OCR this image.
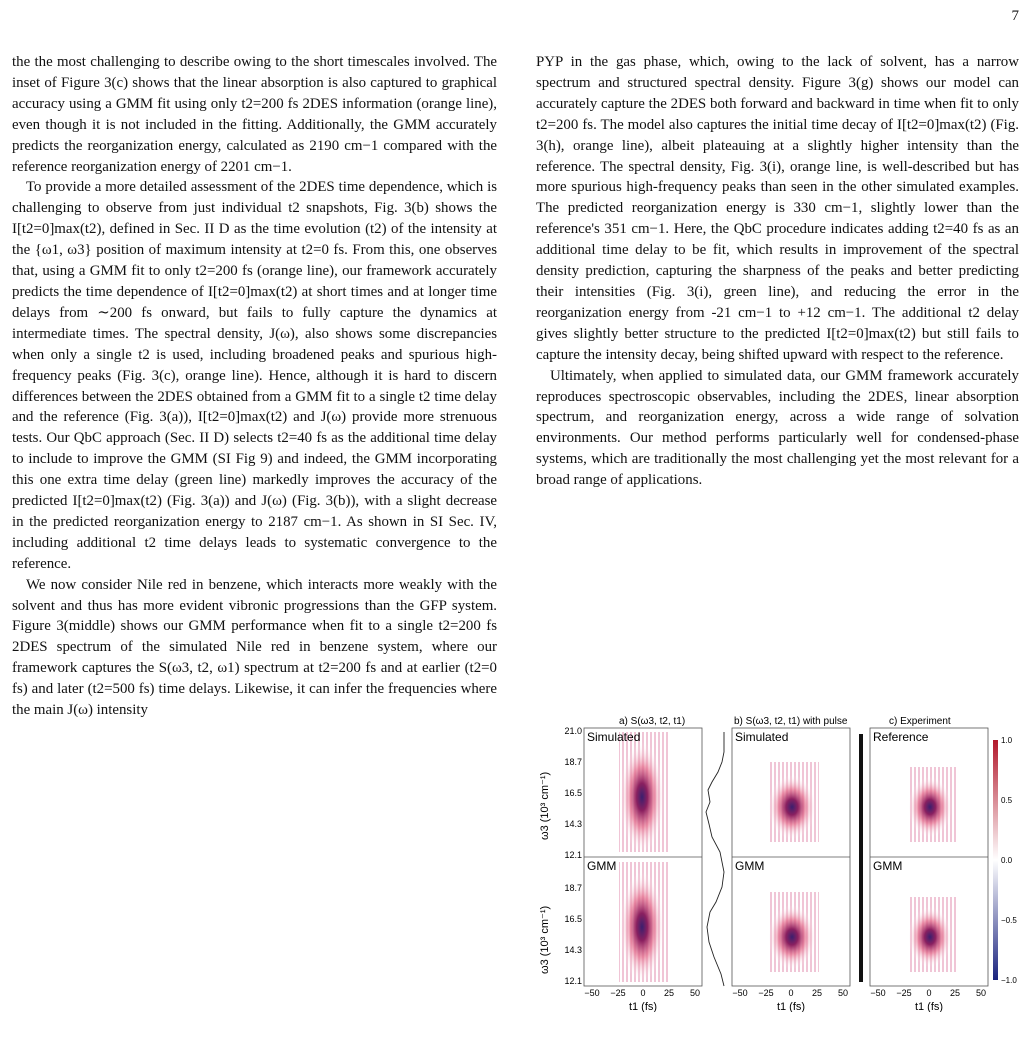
7

the the most challenging to describe owing to the short timescales involved. The inset of Figure 3(c) shows that the linear absorption is also captured to graphical accuracy using a GMM fit using only t2=200 fs 2DES information (orange line), even though it is not included in the fitting. Additionally, the GMM accurately predicts the reorganization energy, calculated as 2190 cm−1 compared with the reference reorganization energy of 2201 cm−1.

To provide a more detailed assessment of the 2DES time dependence, which is challenging to observe from just individual t2 snapshots, Fig. 3(b) shows the I[t2=0]max(t2), defined in Sec. II D as the time evolution (t2) of the intensity at the {ω1, ω3} position of maximum intensity at t2=0 fs. From this, one observes that, using a GMM fit to only t2=200 fs (orange line), our framework accurately predicts the time dependence of I[t2=0]max(t2) at short times and at longer time delays from ∼200 fs onward, but fails to fully capture the dynamics at intermediate times. The spectral density, J(ω), also shows some discrepancies when only a single t2 is used, including broadened peaks and spurious high-frequency peaks (Fig. 3(c), orange line). Hence, although it is hard to discern differences between the 2DES obtained from a GMM fit to a single t2 time delay and the reference (Fig. 3(a)), I[t2=0]max(t2) and J(ω) provide more strenuous tests. Our QbC approach (Sec. II D) selects t2=40 fs as the additional time delay to include to improve the GMM (SI Fig 9) and indeed, the GMM incorporating this one extra time delay (green line) markedly improves the accuracy of the predicted I[t2=0]max(t2) (Fig. 3(a)) and J(ω) (Fig. 3(b)), with a slight decrease in the predicted reorganization energy to 2187 cm−1. As shown in SI Sec. IV, including additional t2 time delays leads to systematic convergence to the reference.

We now consider Nile red in benzene, which interacts more weakly with the solvent and thus has more evident vibronic progressions than the GFP system. Figure 3(middle) shows our GMM performance when fit to a single t2=200 fs 2DES spectrum of the simulated Nile red in benzene system, where our framework captures the S(ω3, t2, ω1) spectrum at t2=200 fs and at earlier (t2=0 fs) and later (t2=500 fs) time delays. Likewise, it can infer the frequencies where the main J(ω) intensity

PYP in the gas phase, which, owing to the lack of solvent, has a narrow spectrum and structured spectral density. Figure 3(g) shows our model can accurately capture the 2DES both forward and backward in time when fit to only t2=200 fs. The model also captures the initial time decay of I[t2=0]max(t2) (Fig. 3(h), orange line), albeit plateauing at a slightly higher intensity than the reference. The spectral density, Fig. 3(i), orange line, is well-described but has more spurious high-frequency peaks than seen in the other simulated examples. The predicted reorganization energy is 330 cm−1, slightly lower than the reference's 351 cm−1. Here, the QbC procedure indicates adding t2=40 fs as an additional time delay to be fit, which results in improvement of the spectral density prediction, capturing the sharpness of the peaks and better predicting their intensities (Fig. 3(i), green line), and reducing the error in the reorganization energy from -21 cm−1 to +12 cm−1. The additional t2 delay gives slightly better structure to the predicted I[t2=0]max(t2) but still fails to capture the intensity decay, being shifted upward with respect to the reference.

Ultimately, when applied to simulated data, our GMM framework accurately reproduces spectroscopic observables, including the 2DES, linear absorption spectrum, and reorganization energy, across a wide range of solvation environments. Our method performs particularly well for condensed-phase systems, which are traditionally the most challenging yet the most relevant for a broad range of applications.

a) S(ω3, t2, t1)	b) S(ω3, t2, t1) with pulse	c) Experiment
ω3 (10³ cm⁻¹)
ω3 (10³ cm⁻¹)
21.0
18.7
16.5
14.3
12.1
18.7
16.5
14.3
12.1
Simulated
GMM
Simulated
GMM
Reference
GMM
1.0
0.5
0.0
−0.5
−1.0
−50 −25 0 25 50	−50 −25 0 25 50 −50 −25 0 25 50
t1 (fs)	t1 (fs)	t1 (fs)
